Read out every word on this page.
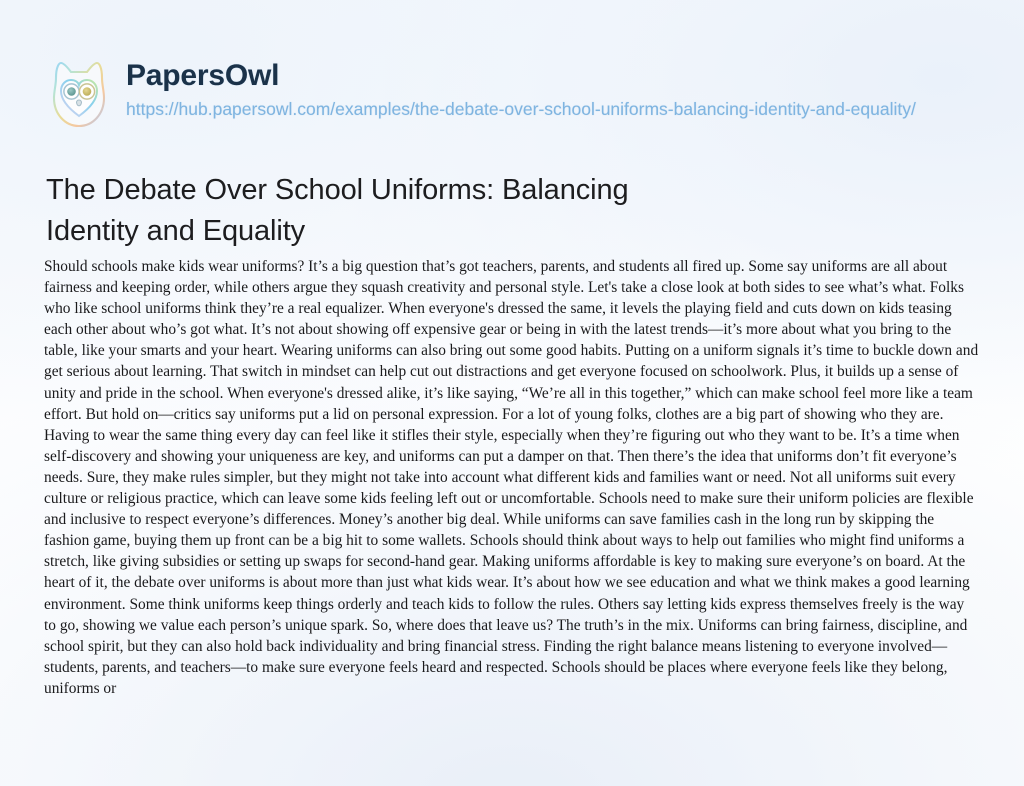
PapersOwl
https://hub.papersowl.com/examples/the-debate-over-school-uniforms-balancing-identity-and-equality/
The Debate Over School Uniforms: Balancing Identity and Equality

Should schools make kids wear uniforms? It’s a big question that’s got teachers, parents, and students all fired up. Some say uniforms are all about fairness and keeping order, while others argue they squash creativity and personal style. Let's take a close look at both sides to see what’s what. Folks who like school uniforms think they’re a real equalizer. When everyone's dressed the same, it levels the playing field and cuts down on kids teasing each other about who’s got what. It’s not about showing off expensive gear or being in with the latest trends—it’s more about what you bring to the table, like your smarts and your heart. Wearing uniforms can also bring out some good habits. Putting on a uniform signals it’s time to buckle down and get serious about learning. That switch in mindset can help cut out distractions and get everyone focused on schoolwork. Plus, it builds up a sense of unity and pride in the school. When everyone's dressed alike, it’s like saying, “We’re all in this together,” which can make school feel more like a team effort. But hold on—critics say uniforms put a lid on personal expression. For a lot of young folks, clothes are a big part of showing who they are. Having to wear the same thing every day can feel like it stifles their style, especially when they’re figuring out who they want to be. It’s a time when self-discovery and showing your uniqueness are key, and uniforms can put a damper on that. Then there’s the idea that uniforms don’t fit everyone’s needs. Sure, they make rules simpler, but they might not take into account what different kids and families want or need. Not all uniforms suit every culture or religious practice, which can leave some kids feeling left out or uncomfortable. Schools need to make sure their uniform policies are flexible and inclusive to respect everyone’s differences. Money’s another big deal. While uniforms can save families cash in the long run by skipping the fashion game, buying them up front can be a big hit to some wallets. Schools should think about ways to help out families who might find uniforms a stretch, like giving subsidies or setting up swaps for second-hand gear. Making uniforms affordable is key to making sure everyone’s on board. At the heart of it, the debate over uniforms is about more than just what kids wear. It’s about how we see education and what we think makes a good learning environment. Some think uniforms keep things orderly and teach kids to follow the rules. Others say letting kids express themselves freely is the way to go, showing we value each person’s unique spark. So, where does that leave us? The truth’s in the mix. Uniforms can bring fairness, discipline, and school spirit, but they can also hold back individuality and bring financial stress. Finding the right balance means listening to everyone involved—students, parents, and teachers—to make sure everyone feels heard and respected. Schools should be places where everyone feels like they belong, uniforms or
